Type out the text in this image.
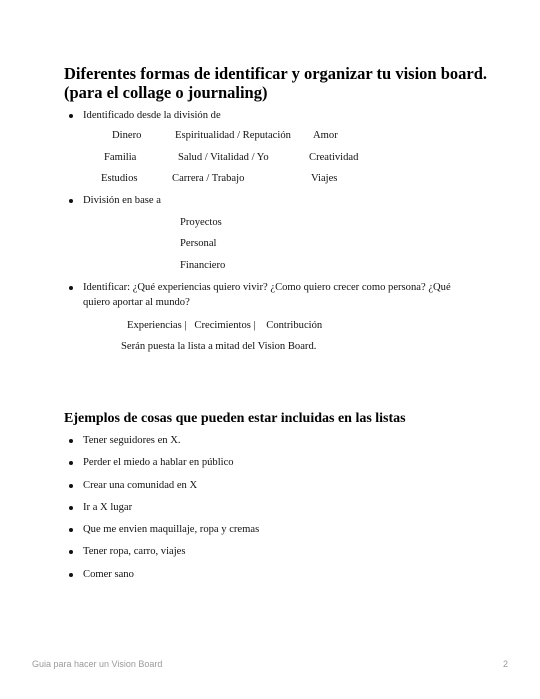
Diferentes formas de identificar y organizar tu vision board.
(para el collage o journaling)
Identificado desde la división de
Dinero	Espiritualidad / Reputación Amor
Familia	Salud / Vitalidad / Yo	Creatividad
Estudios	Carrera / Trabajo	Viajes
División en base a
Proyectos
Personal
Financiero
Identificar: ¿Qué experiencias quiero vivir? ¿Como quiero crecer como persona? ¿Qué
quiero aportar al mundo?
Experiencias |   Crecimientos |    Contribución
Serán puesta la lista a mitad del Vision Board.
Ejemplos de cosas que pueden estar incluidas en las listas
Tener seguidores en X.
Perder el miedo a hablar en público
Crear una comunidad en X
Ir a X lugar
Que me envien maquillaje, ropa y cremas
Tener ropa, carro, viajes
Comer sano
Guia para hacer un Vision Board	2
